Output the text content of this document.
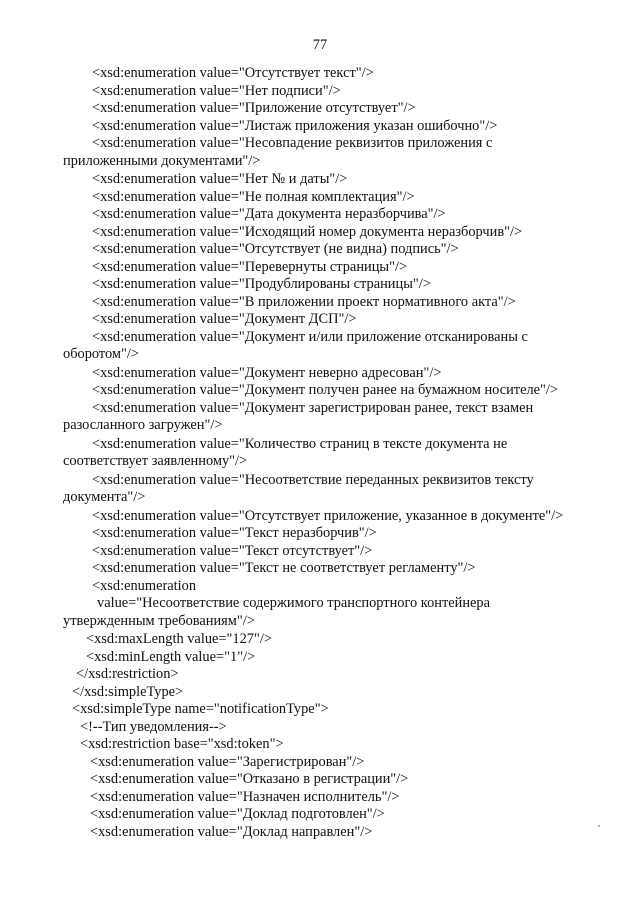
77
<xsd:enumeration value="Отсутствует текст"/>
<xsd:enumeration value="Нет подписи"/>
<xsd:enumeration value="Приложение отсутствует"/>
<xsd:enumeration value="Листаж приложения указан ошибочно"/>
<xsd:enumeration value="Несовпадение реквизитов приложения с
приложенными документами"/>
<xsd:enumeration value="Нет № и даты"/>
<xsd:enumeration value="Не полная комплектация"/>
<xsd:enumeration value="Дата документа неразборчива"/>
<xsd:enumeration value="Исходящий номер документа неразборчив"/>
<xsd:enumeration value="Отсутствует (не видна) подпись"/>
<xsd:enumeration value="Перевернуты страницы"/>
<xsd:enumeration value="Продублированы страницы"/>
<xsd:enumeration value="В приложении проект нормативного акта"/>
<xsd:enumeration value="Документ ДСП"/>
<xsd:enumeration value="Документ и/или приложение отсканированы с
оборотом"/>
<xsd:enumeration value="Документ неверно адресован"/>
<xsd:enumeration value="Документ получен ранее на бумажном носителе"/>
<xsd:enumeration value="Документ зарегистрирован ранее, текст взамен
разосланного загружен"/>
<xsd:enumeration value="Количество страниц в тексте документа не
соответствует заявленному"/>
<xsd:enumeration value="Несоответствие переданных реквизитов тексту
документа"/>
<xsd:enumeration value="Отсутствует приложение, указанное в документе"/>
<xsd:enumeration value="Текст неразборчив"/>
<xsd:enumeration value="Текст отсутствует"/>
<xsd:enumeration value="Текст не соответствует регламенту"/>
<xsd:enumeration
value="Несоответствие содержимого транспортного контейнера
утвержденным требованиям"/>
<xsd:maxLength value="127"/>
<xsd:minLength value="1"/>
</xsd:restriction>
</xsd:simpleType>
<xsd:simpleType name="notificationType">
<!--Тип уведомления-->
<xsd:restriction base="xsd:token">
<xsd:enumeration value="Зарегистрирован"/>
<xsd:enumeration value="Отказано в регистрации"/>
<xsd:enumeration value="Назначен исполнитель"/>
<xsd:enumeration value="Доклад подготовлен"/>
<xsd:enumeration value="Доклад направлен"/>
